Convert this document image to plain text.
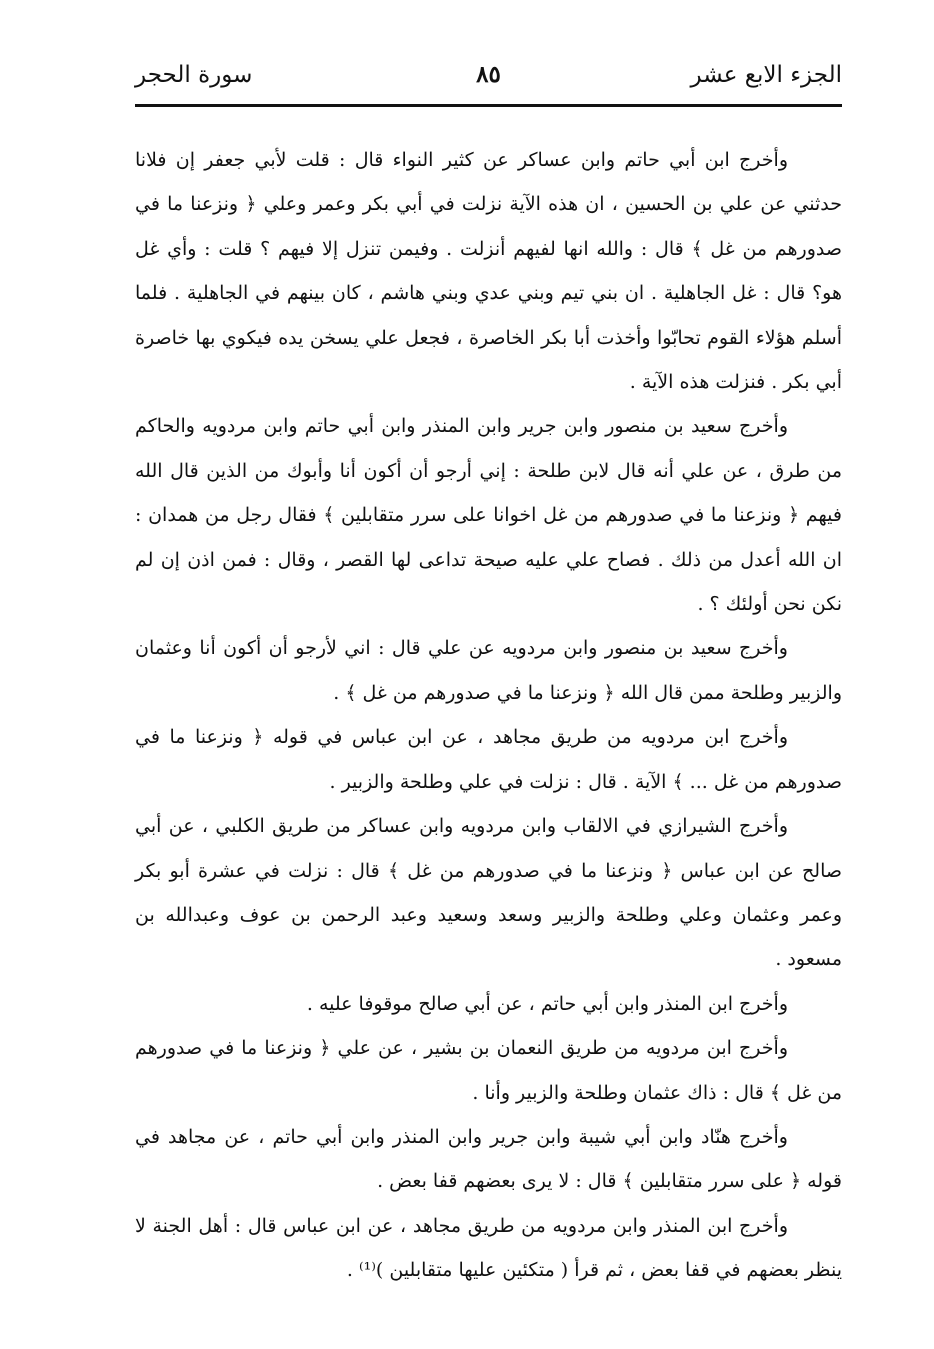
الجزء الابع عشر
٨٥
سورة الحجر

وأخرج ابن أبي حاتم وابن عساكر عن كثير النواء قال : قلت لأبي جعفر إن فلانا حدثني عن علي بن الحسين ، ان هذه الآية نزلت في أبي بكر وعمر وعلي ﴿ ونزعنا ما في صدورهم من غل ﴾ قال : والله انها لفيهم أنزلت . وفيمن تنزل إلا فيهم ؟ قلت : وأي غل هو؟ قال : غل الجاهلية . ان بني تيم وبني عدي وبني هاشم ، كان بينهم في الجاهلية . فلما أسلم هؤلاء القوم تحابّوا وأخذت أبا بكر الخاصرة ، فجعل علي يسخن يده فيكوي بها خاصرة أبي بكر . فنزلت هذه الآية .

وأخرج سعيد بن منصور وابن جرير وابن المنذر وابن أبي حاتم وابن مردويه والحاكم من طرق ، عن علي أنه قال لابن طلحة : إني أرجو أن أكون أنا وأبوك من الذين قال الله فيهم ﴿ ونزعنا ما في صدورهم من غل اخوانا على سرر متقابلين ﴾ فقال رجل من همدان : ان الله أعدل من ذلك . فصاح علي عليه صيحة تداعى لها القصر ، وقال : فمن اذن إن لم نكن نحن أولئك ؟ .

وأخرج سعيد بن منصور وابن مردويه عن علي قال : اني لأرجو أن أكون أنا وعثمان والزبير وطلحة ممن قال الله ﴿ ونزعنا ما في صدورهم من غل ﴾ .

وأخرج ابن مردويه من طريق مجاهد ، عن ابن عباس في قوله ﴿ ونزعنا ما في صدورهم من غل ... ﴾ الآية . قال : نزلت في علي وطلحة والزبير .

وأخرج الشيرازي في الالقاب وابن مردويه وابن عساكر من طريق الكلبي ، عن أبي صالح عن ابن عباس ﴿ ونزعنا ما في صدورهم من غل ﴾ قال : نزلت في عشرة أبو بكر وعمر وعثمان وعلي وطلحة والزبير وسعد وسعيد وعبد الرحمن بن عوف وعبدالله بن مسعود .

وأخرج ابن المنذر وابن أبي حاتم ، عن أبي صالح موقوفا عليه .

وأخرج ابن مردويه من طريق النعمان بن بشير ، عن علي ﴿ ونزعنا ما في صدورهم من غل ﴾ قال : ذاك عثمان وطلحة والزبير وأنا .

وأخرج هنّاد وابن أبي شيبة وابن جرير وابن المنذر وابن أبي حاتم ، عن مجاهد في قوله ﴿ على سرر متقابلين ﴾ قال : لا يرى بعضهم قفا بعض .

وأخرج ابن المنذر وابن مردويه من طريق مجاهد ، عن ابن عباس قال : أهل الجنة لا ينظر بعضهم في قفا بعض ، ثم قرأ ( متكئين عليها متقابلين )⁽¹⁾ .
